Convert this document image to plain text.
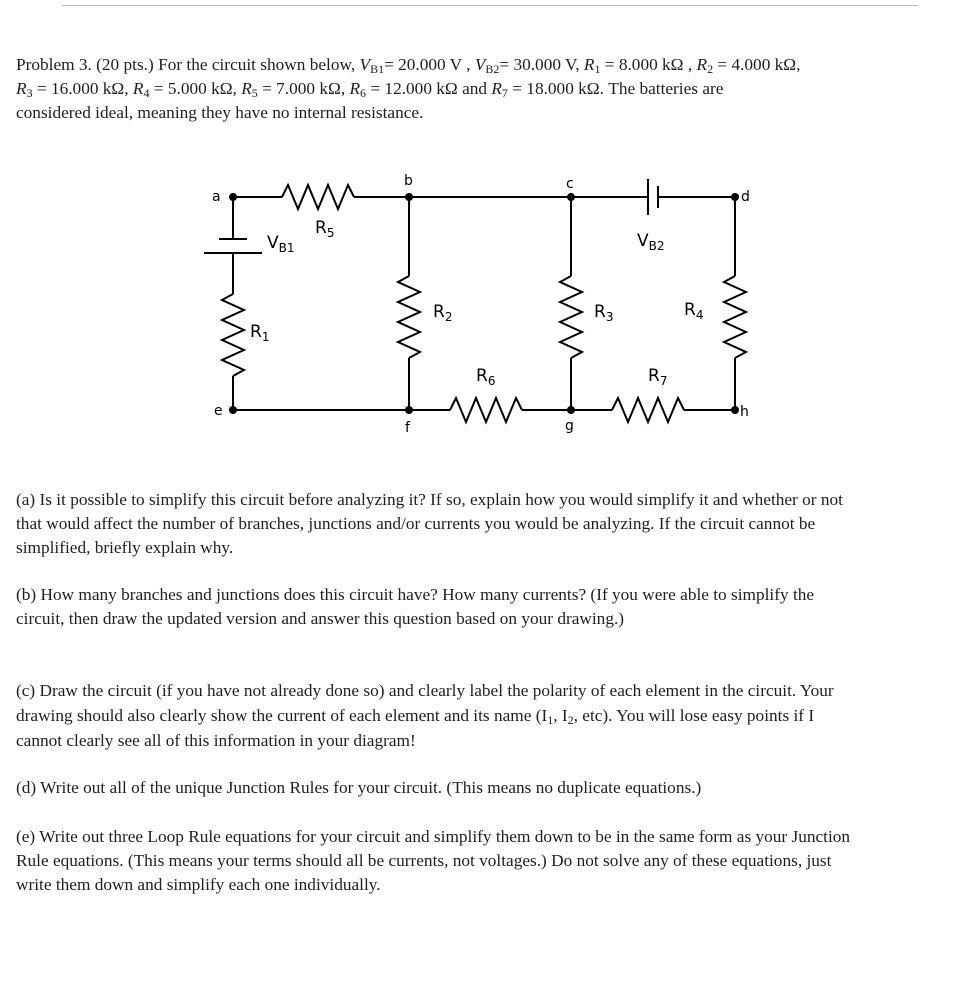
Problem 3. (20 pts.) For the circuit shown below, $V_{B1}= 20.000$ V , $V_{B2}= 30.000$ V, $R_1 = 8.000$ kΩ , $R_2 = 4.000$ kΩ,
$R_3 = 16.000$ kΩ, $R_4 = 5.000$ kΩ, $R_5 = 7.000$ kΩ, $R_6 = 12.000$ kΩ and $R_7 = 18.000$ kΩ. The batteries are
considered ideal, meaning they have no internal resistance.

a
b	c
d
e
f	g
h
$R_5$
$V_{B1}$
$R_1$
$R_2$	$R_3$	$R_4$
$V_{B2}$
$R_6$	$R_7$

(a) Is it possible to simplify this circuit before analyzing it? If so, explain how you would simplify it and whether or not
that would affect the number of branches, junctions and/or currents you would be analyzing. If the circuit cannot be
simplified, briefly explain why.

(b) How many branches and junctions does this circuit have? How many currents? (If you were able to simplify the
circuit, then draw the updated version and answer this question based on your drawing.)

(c) Draw the circuit (if you have not already done so) and clearly label the polarity of each element in the circuit. Your
drawing should also clearly show the current of each element and its name ($I_1$, $I_2$, etc). You will lose easy points if I
cannot clearly see all of this information in your diagram!

(d) Write out all of the unique Junction Rules for your circuit. (This means no duplicate equations.)

(e) Write out three Loop Rule equations for your circuit and simplify them down to be in the same form as your Junction
Rule equations. (This means your terms should all be currents, not voltages.) Do not solve any of these equations, just
write them down and simplify each one individually.
